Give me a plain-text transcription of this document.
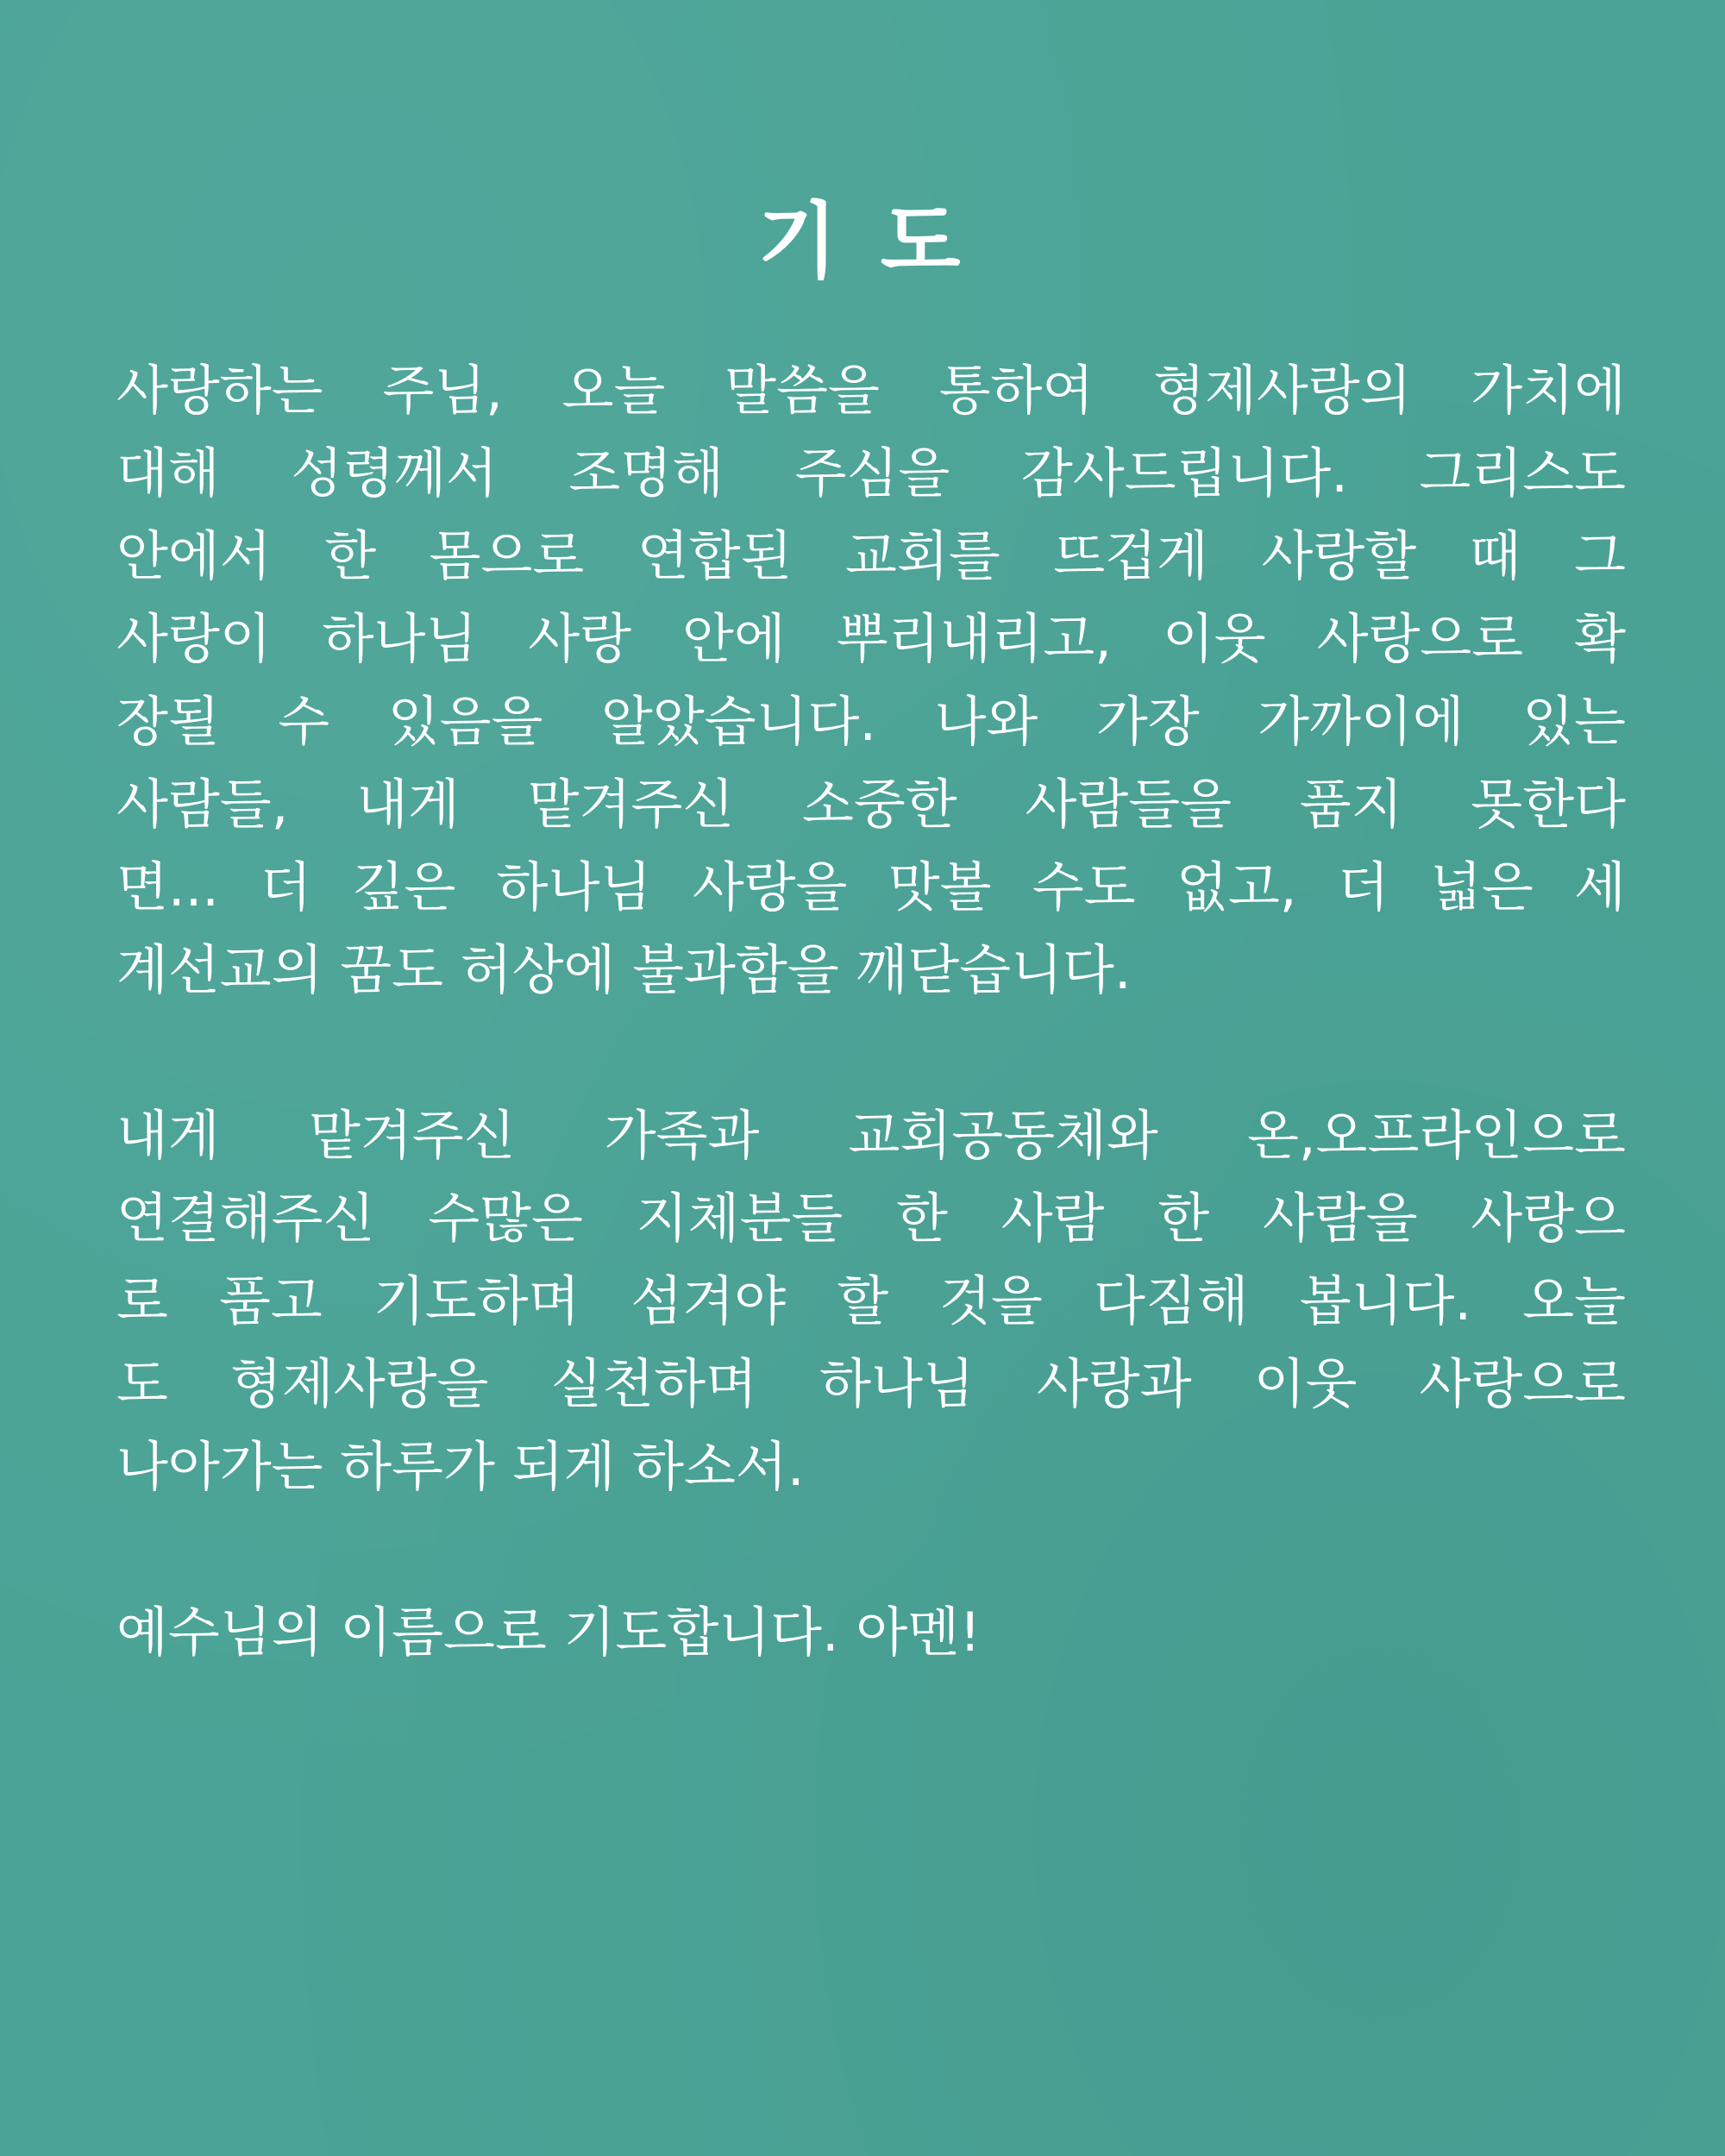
기 도
사랑하는 주님, 오늘 말씀을 통하여 형제사랑의 가치에
대해 성령께서 조명해 주심을 감사드립니다. 그리스도
안에서 한 몸으로 연합된 교회를 뜨겁게 사랑할 때 그
사랑이 하나님 사랑 안에 뿌리내리고, 이웃 사랑으로 확
장될 수 있음을 알았습니다. 나와 가장 가까이에 있는
사람들, 내게 맡겨주신 소중한 사람들을 품지 못한다
면... 더 깊은 하나님 사랑을 맛볼 수도 없고, 더 넓은 세
계선교의 꿈도 허상에 불과함을 깨닫습니다.
내게 맡겨주신 가족과 교회공동체와 온,오프라인으로
연결해주신 수많은 지체분들 한 사람 한 사람을 사랑으
로 품고 기도하며 섬겨야 할 것을 다짐해 봅니다. 오늘
도 형제사랑을 실천하며 하나님 사랑과 이웃 사랑으로
나아가는 하루가 되게 하소서.
예수님의 이름으로 기도합니다. 아멘!
